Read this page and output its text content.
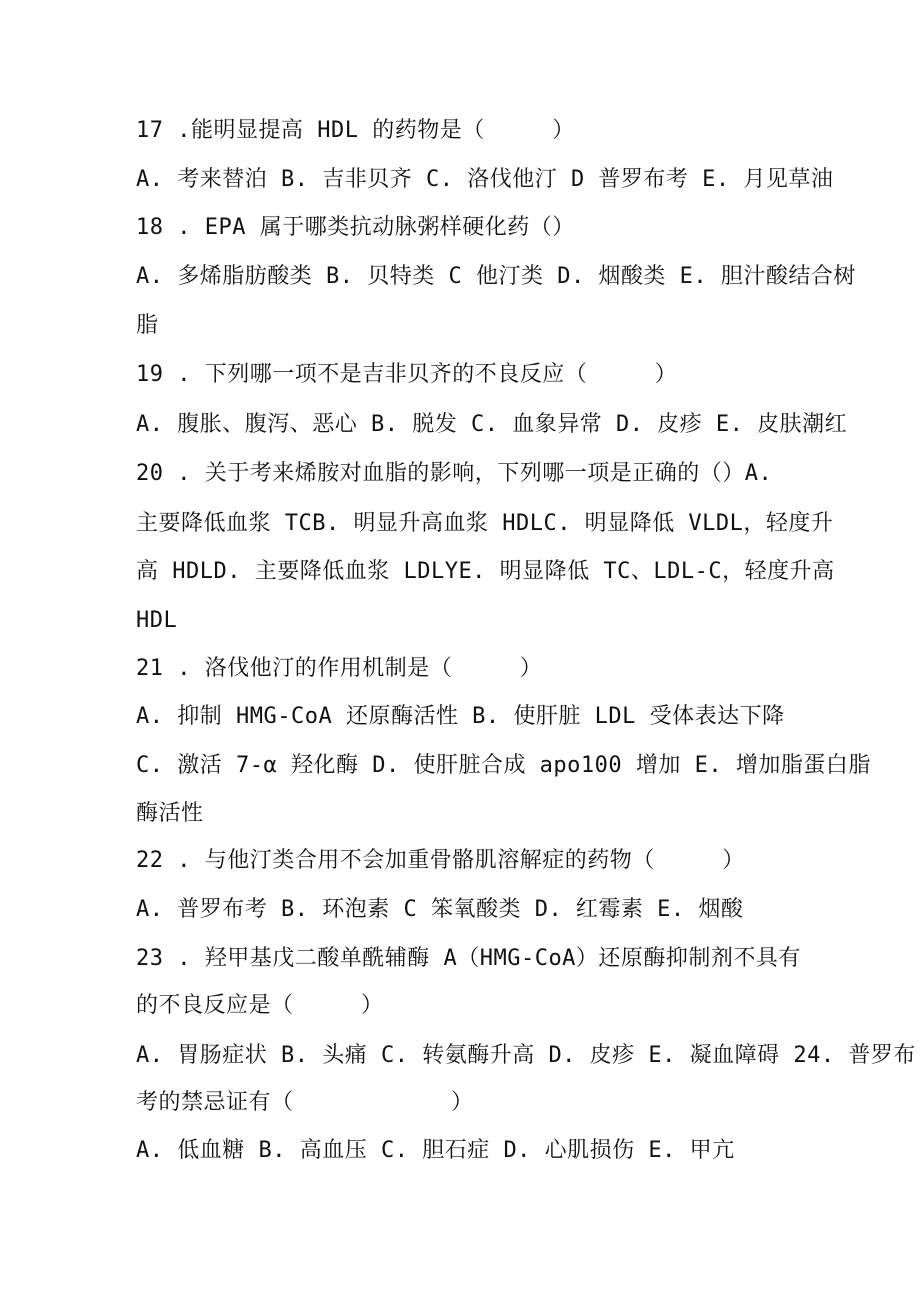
17 .能明显提高 HDL 的药物是（　　　）
A. 考来替泊 B. 吉非贝齐 C. 洛伐他汀 D 普罗布考 E. 月见草油
18 . EPA 属于哪类抗动脉粥样硬化药（）
A. 多烯脂肪酸类 B. 贝特类 C 他汀类 D. 烟酸类 E. 胆汁酸结合树
脂
19 . 下列哪一项不是吉非贝齐的不良反应（　　　）
A. 腹胀、腹泻、恶心 B. 脱发 C. 血象异常 D. 皮疹 E. 皮肤潮红
20 . 关于考来烯胺对血脂的影响，下列哪一项是正确的（）A.
主要降低血浆 TCB. 明显升高血浆 HDLC. 明显降低 VLDL，轻度升
高 HDLD. 主要降低血浆 LDLYE. 明显降低 TC、LDL-C，轻度升高
HDL
21 . 洛伐他汀的作用机制是（　　　）
A. 抑制 HMG-CoA 还原酶活性 B. 使肝脏 LDL 受体表达下降
C. 激活 7-α 羟化酶 D. 使肝脏合成 apo100 增加 E. 增加脂蛋白脂
酶活性
22 . 与他汀类合用不会加重骨骼肌溶解症的药物（　　　）
A. 普罗布考 B. 环泡素 C 笨氧酸类 D. 红霉素 E. 烟酸
23 . 羟甲基戊二酸单酰辅酶 A（HMG-CoA）还原酶抑制剂不具有
的不良反应是（　　　）
A. 胃肠症状 B. 头痛 C. 转氨酶升高 D. 皮疹 E. 凝血障碍 24. 普罗布
考的禁忌证有（　　　　　　　）
A. 低血糖 B. 高血压 C. 胆石症 D. 心肌损伤 E. 甲亢
